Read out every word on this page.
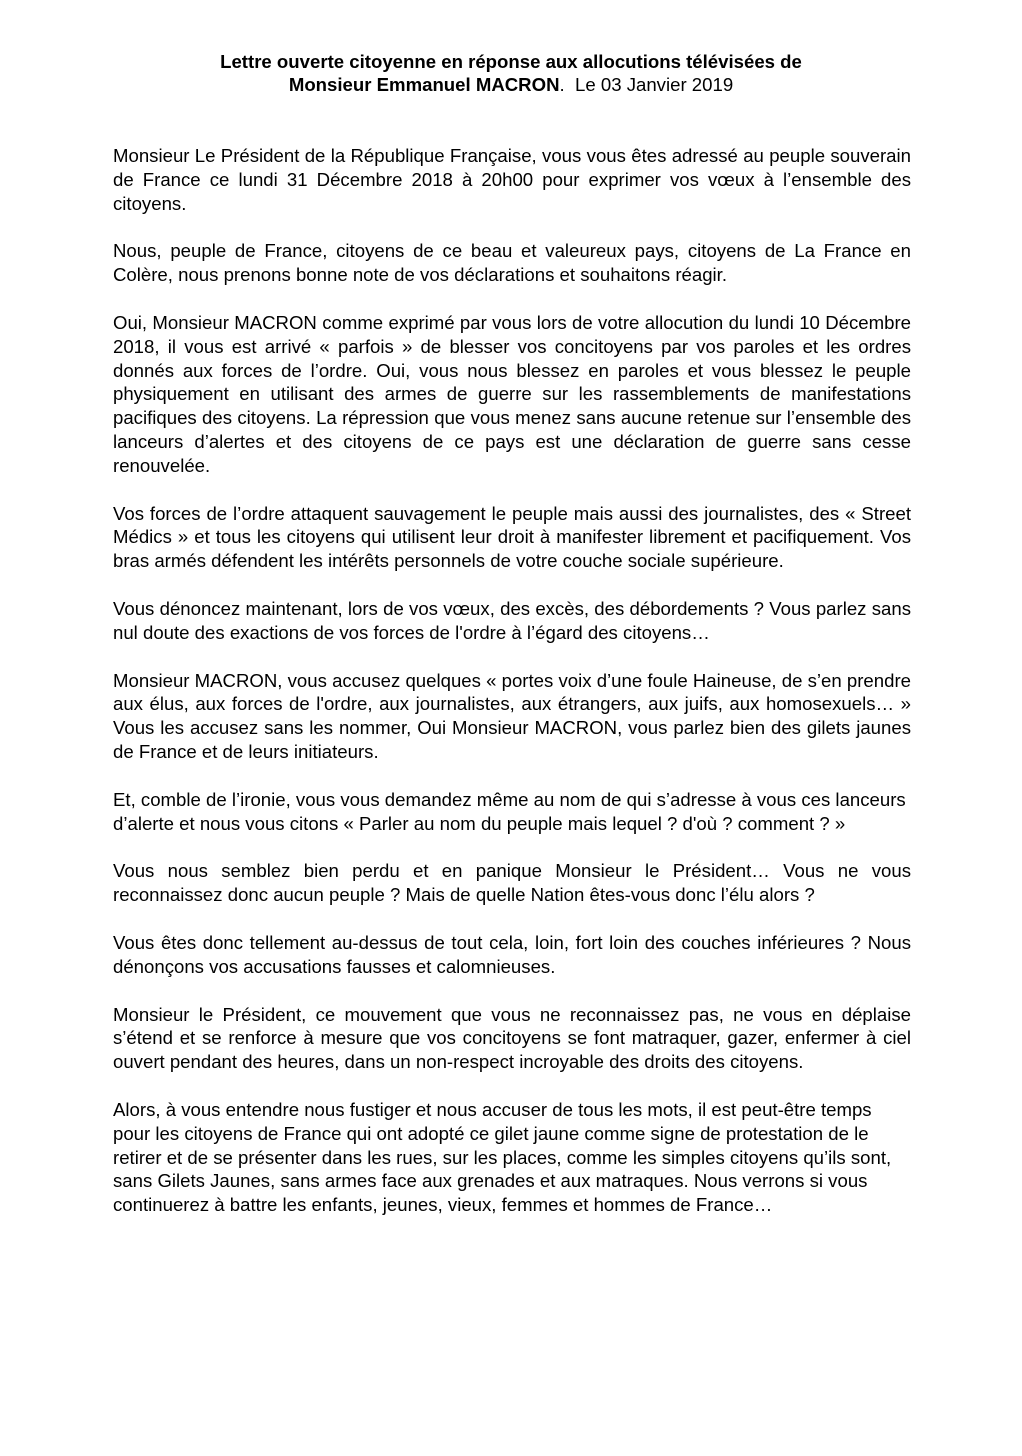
Lettre ouverte citoyenne en réponse aux allocutions télévisées de
Monsieur Emmanuel MACRON.  Le 03 Janvier 2019

Monsieur Le Président de la République Française, vous vous êtes adressé au peuple souverain de France ce lundi 31 Décembre 2018 à 20h00 pour exprimer vos vœux à l’ensemble des citoyens.

Nous, peuple de France, citoyens de ce beau et valeureux pays, citoyens de La France en Colère, nous prenons bonne note de vos déclarations et souhaitons réagir.

Oui, Monsieur MACRON comme exprimé par vous lors de votre allocution du lundi 10 Décembre 2018, il vous est arrivé « parfois » de blesser vos concitoyens par vos paroles et les ordres donnés aux forces de l’ordre. Oui, vous nous blessez en paroles et vous blessez le peuple physiquement en utilisant des armes de guerre sur les rassemblements de manifestations pacifiques des citoyens. La répression que vous menez sans aucune retenue sur l’ensemble des lanceurs d’alertes et des citoyens de ce pays est une déclaration de guerre sans cesse renouvelée.

Vos forces de l’ordre attaquent sauvagement le peuple mais aussi des journalistes, des « Street Médics » et tous les citoyens qui utilisent leur droit à manifester librement et pacifiquement. Vos bras armés défendent les intérêts personnels de votre couche sociale supérieure.

Vous dénoncez maintenant, lors de vos vœux, des excès, des débordements ? Vous parlez sans nul doute des exactions de vos forces de l'ordre à l’égard des citoyens…

Monsieur MACRON, vous accusez quelques « portes voix d’une foule Haineuse, de s’en prendre aux élus, aux forces de l'ordre, aux journalistes, aux étrangers, aux juifs, aux homosexuels… » Vous les accusez sans les nommer, Oui Monsieur MACRON, vous parlez bien des gilets jaunes de France et de leurs initiateurs.

Et, comble de l’ironie, vous vous demandez même au nom de qui s’adresse à vous ces lanceurs d’alerte et nous vous citons « Parler au nom du peuple mais lequel ? d'où ? comment ? »

Vous nous semblez bien perdu et en panique Monsieur le Président… Vous ne vous reconnaissez donc aucun peuple ? Mais de quelle Nation êtes-vous donc l’élu alors ?

Vous êtes donc tellement au-dessus de tout cela, loin, fort loin des couches inférieures ? Nous dénonçons vos accusations fausses et calomnieuses.

Monsieur le Président, ce mouvement que vous ne reconnaissez pas, ne vous en déplaise s’étend et se renforce à mesure que vos concitoyens se font matraquer, gazer, enfermer à ciel ouvert pendant des heures, dans un non-respect incroyable des droits des citoyens.

Alors, à vous entendre nous fustiger et nous accuser de tous les mots, il est peut-être temps pour les citoyens de France qui ont adopté ce gilet jaune comme signe de protestation de le retirer et de se présenter dans les rues, sur les places, comme les simples citoyens qu’ils sont, sans Gilets Jaunes, sans armes face aux grenades et aux matraques. Nous verrons si vous continuerez à battre les enfants, jeunes, vieux, femmes et hommes de France…
